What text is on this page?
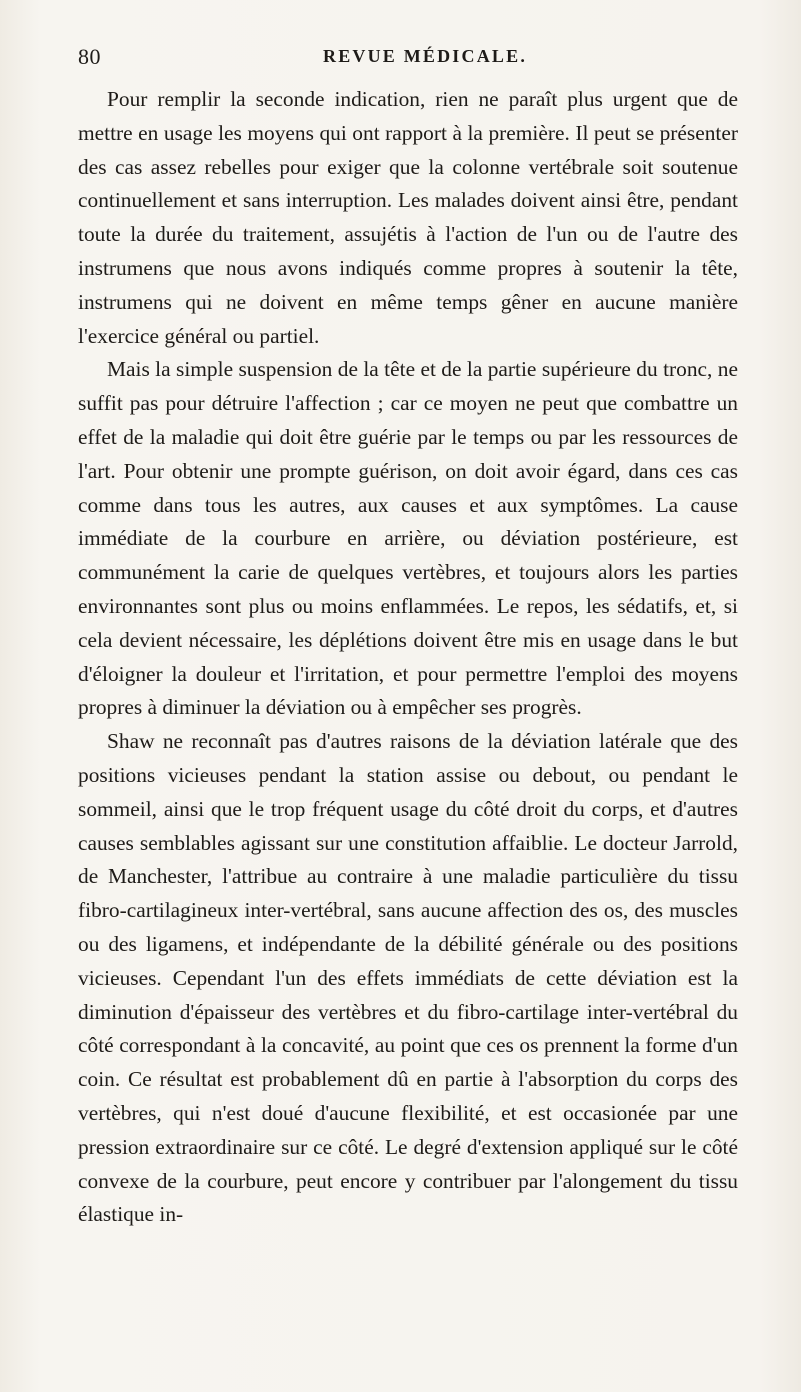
80	REVUE MÉDICALE.

Pour remplir la seconde indication, rien ne paraît plus urgent que de mettre en usage les moyens qui ont rapport à la première. Il peut se présenter des cas assez rebelles pour exiger que la colonne vertébrale soit soutenue continuellement et sans interruption. Les malades doivent ainsi être, pendant toute la durée du traitement, assujétis à l'action de l'un ou de l'autre des instrumens que nous avons indiqués comme propres à soutenir la tête, instrumens qui ne doivent en même temps gêner en aucune manière l'exercice général ou partiel.

Mais la simple suspension de la tête et de la partie supérieure du tronc, ne suffit pas pour détruire l'affection ; car ce moyen ne peut que combattre un effet de la maladie qui doit être guérie par le temps ou par les ressources de l'art. Pour obtenir une prompte guérison, on doit avoir égard, dans ces cas comme dans tous les autres, aux causes et aux symptômes. La cause immédiate de la courbure en arrière, ou déviation postérieure, est communément la carie de quelques vertèbres, et toujours alors les parties environnantes sont plus ou moins enflammées. Le repos, les sédatifs, et, si cela devient nécessaire, les déplétions doivent être mis en usage dans le but d'éloigner la douleur et l'irritation, et pour permettre l'emploi des moyens propres à diminuer la déviation ou à empêcher ses progrès.

Shaw ne reconnaît pas d'autres raisons de la déviation latérale que des positions vicieuses pendant la station assise ou debout, ou pendant le sommeil, ainsi que le trop fréquent usage du côté droit du corps, et d'autres causes semblables agissant sur une constitution affaiblie. Le docteur Jarrold, de Manchester, l'attribue au contraire à une maladie particulière du tissu fibro-cartilagineux inter-vertébral, sans aucune affection des os, des muscles ou des ligamens, et indépendante de la débilité générale ou des positions vicieuses. Cependant l'un des effets immédiats de cette déviation est la diminution d'épaisseur des vertèbres et du fibro-cartilage inter-vertébral du côté correspondant à la concavité, au point que ces os prennent la forme d'un coin. Ce résultat est probablement dû en partie à l'absorption du corps des vertèbres, qui n'est doué d'aucune flexibilité, et est occasionée par une pression extraordinaire sur ce côté. Le degré d'extension appliqué sur le côté convexe de la courbure, peut encore y contribuer par l'alongement du tissu élastique in-
